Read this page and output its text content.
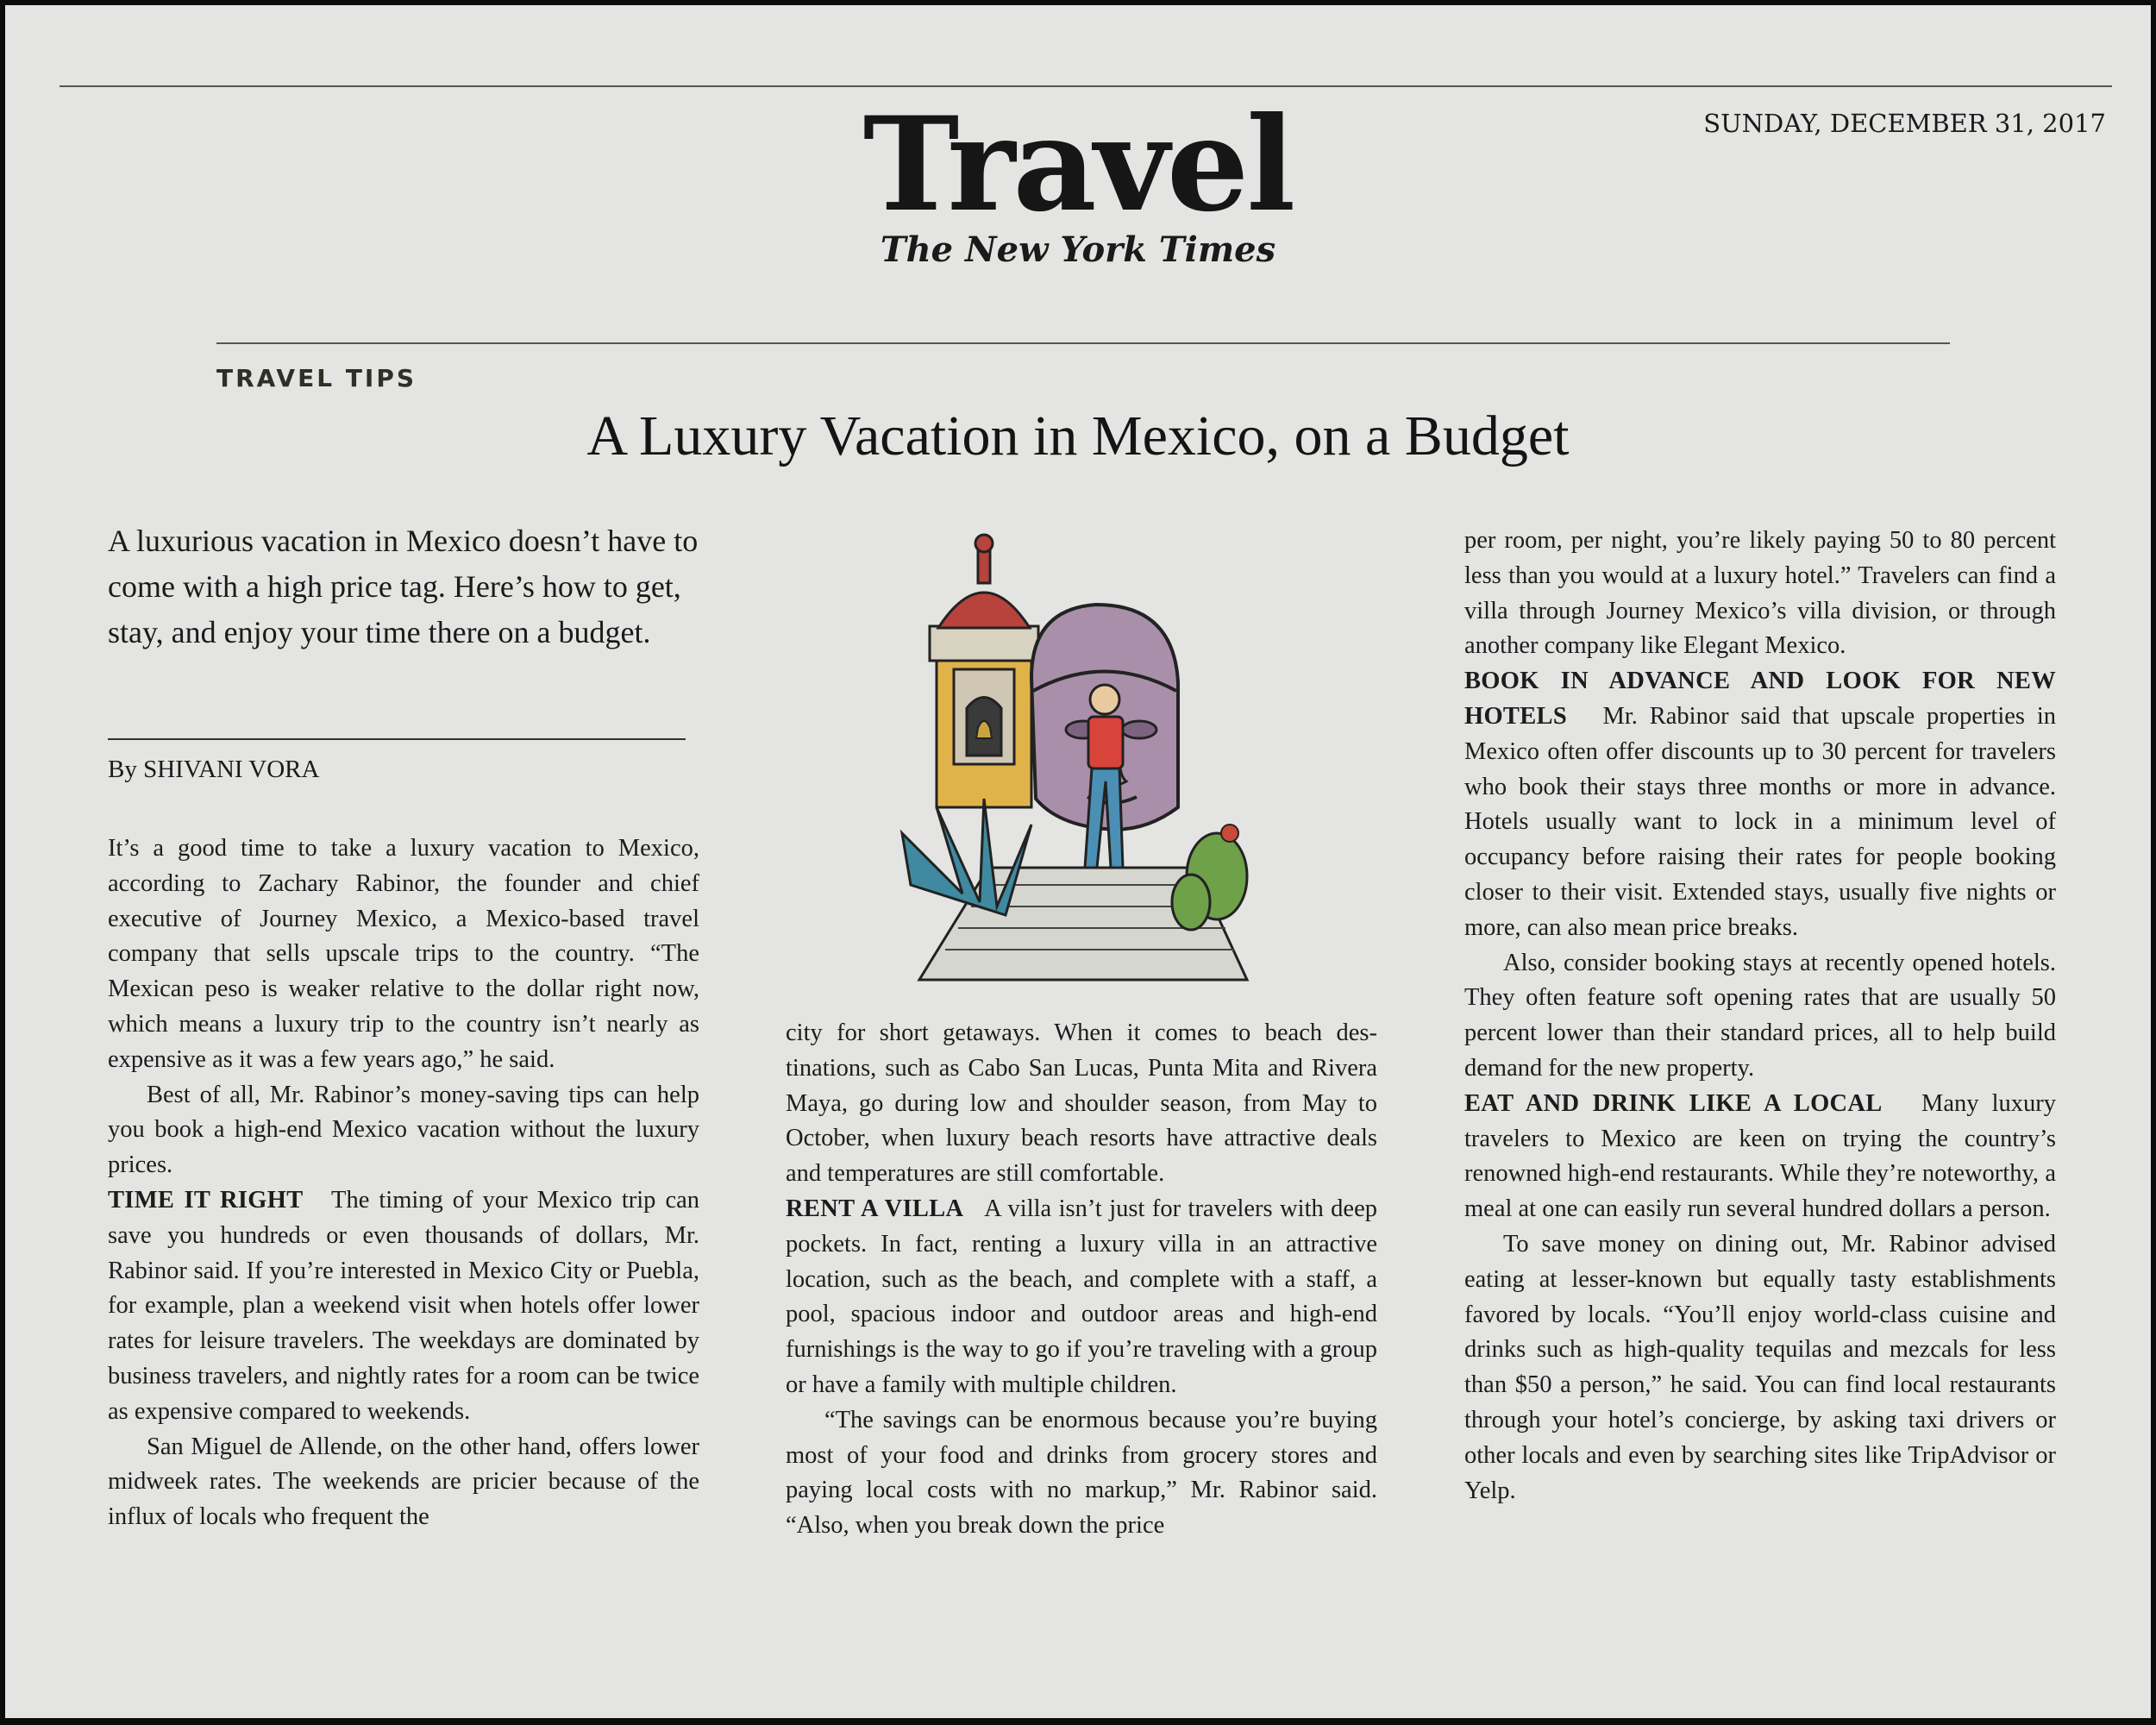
SUNDAY, DECEMBER 31, 2017
Travel
The New York Times
TRAVEL TIPS
A Luxury Vacation in Mexico, on a Budget
A luxurious vacation in Mexico doesn’t have to come with a high price tag. Here’s how to get, stay, and enjoy your time there on a budget.
By SHIVANI VORA

It’s a good time to take a luxury vacation to Mexico, according to Zachary Rabinor, the founder and chief executive of Journey Mexico, a Mexico-based travel company that sells upscale trips to the country. “The Mexican peso is weaker relative to the dollar right now, which means a luxury trip to the country isn’t nearly as expensive as it was a few years ago,” he said.

Best of all, Mr. Rabinor’s money-saving tips can help you book a high-end Mexico vacation without the luxury prices.

TIME IT RIGHT The timing of your Mexico trip can save you hundreds or even thousands of dollars, Mr. Rabinor said. If you’re interested in Mexico City or Puebla, for example, plan a weekend visit when hotels offer lower rates for leisure travelers. The weekdays are dominated by business travelers, and nightly rates for a room can be twice as expensive compared to weekends.

San Miguel de Allende, on the other hand, offers lower midweek rates. The weekends are pricier because of the influx of locals who frequent the

city for short getaways. When it comes to beach destinations, such as Cabo San Lucas, Punta Mita and Rivera Maya, go during low and shoulder season, from May to October, when luxury beach resorts have attractive deals and temperatures are still comfortable.

RENT A VILLA A villa isn’t just for travelers with deep pockets. In fact, renting a luxury villa in an attractive location, such as the beach, and complete with a staff, a pool, spacious indoor and outdoor areas and high-end furnishings is the way to go if you’re traveling with a group or have a family with multiple children.

“The savings can be enormous because you’re buying most of your food and drinks from grocery stores and paying local costs with no markup,” Mr. Rabinor said. “Also, when you break down the price

per room, per night, you’re likely paying 50 to 80 percent less than you would at a luxury hotel.” Travelers can find a villa through Journey Mexico’s villa division, or through another company like Elegant Mexico.

BOOK IN ADVANCE AND LOOK FOR NEW HOTELS Mr. Rabinor said that upscale properties in Mexico often offer discounts up to 30 percent for travelers who book their stays three months or more in advance. Hotels usually want to lock in a minimum level of occupancy before raising their rates for people booking closer to their visit. Extended stays, usually five nights or more, can also mean price breaks.

Also, consider booking stays at recently opened hotels. They often feature soft opening rates that are usually 50 percent lower than their standard prices, all to help build demand for the new property.

EAT AND DRINK LIKE A LOCAL Many luxury travelers to Mexico are keen on trying the country’s renowned high-end restaurants. While they’re noteworthy, a meal at one can easily run several hundred dollars a person.

To save money on dining out, Mr. Rabinor advised eating at lesser-known but equally tasty establishments favored by locals. “You’ll enjoy world-class cuisine and drinks such as high-quality tequilas and mezcals for less than $50 a person,” he said. You can find local restaurants through your hotel’s concierge, by asking taxi drivers or other locals and even by searching sites like TripAdvisor or Yelp.
